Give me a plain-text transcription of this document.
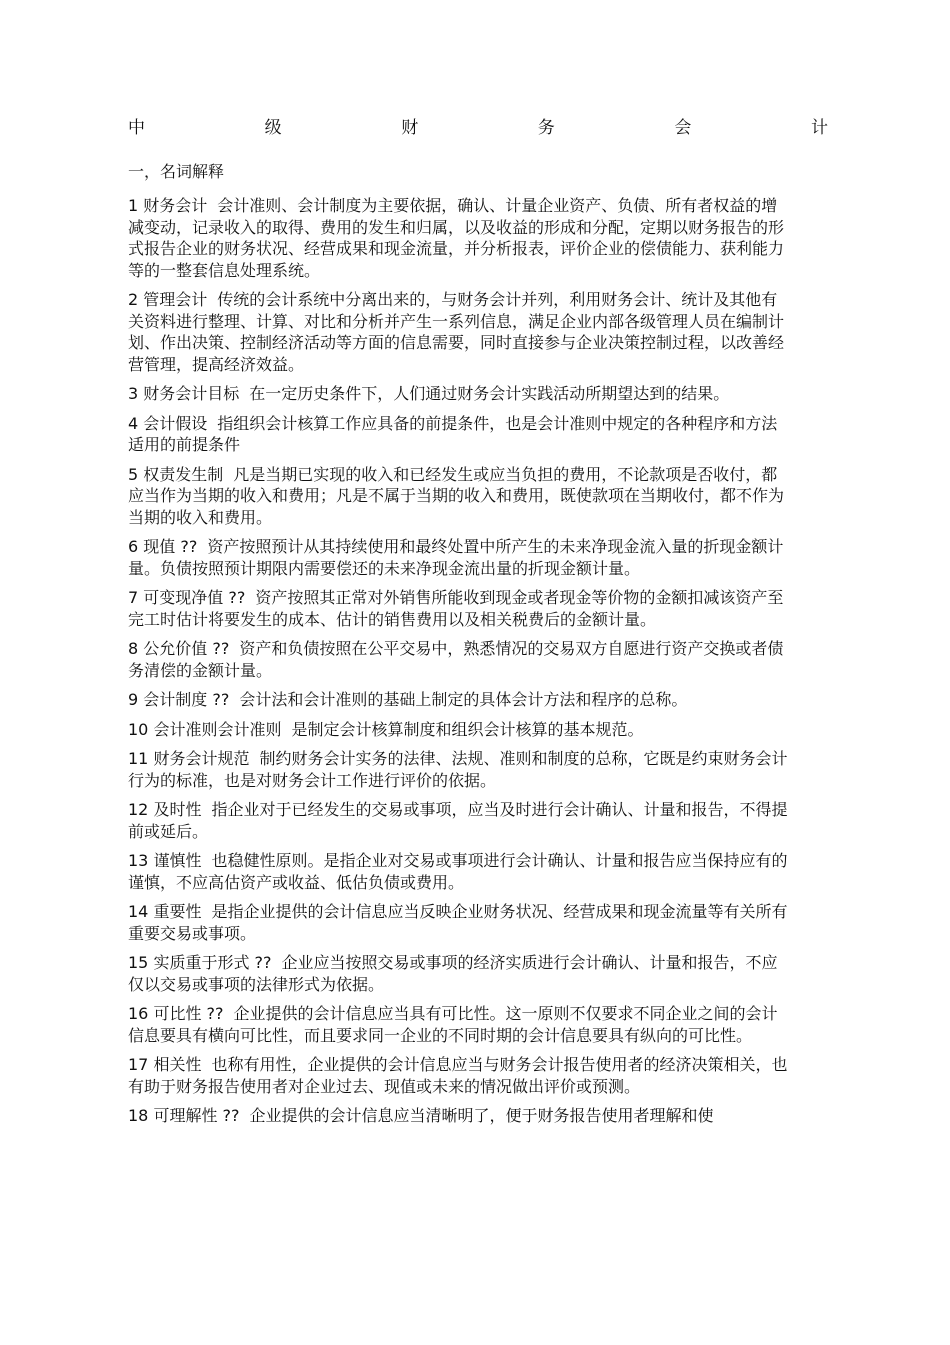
中	级	财	务	会	计
一，名词解释

1 财务会计 会计准则、会计制度为主要依据，确认、计量企业资产、负债、所有者权益的增减变动，记录收入的取得、费用的发生和归属，以及收益的形成和分配，定期以财务报告的形式报告企业的财务状况、经营成果和现金流量，并分析报表，评价企业的偿债能力、获利能力等的一整套信息处理系统。

2 管理会计 传统的会计系统中分离出来的，与财务会计并列，利用财务会计、统计及其他有关资料进行整理、计算、对比和分析并产生一系列信息，满足企业内部各级管理人员在编制计划、作出决策、控制经济活动等方面的信息需要，同时直接参与企业决策控制过程，以改善经营管理，提高经济效益。

3 财务会计目标 在一定历史条件下，人们通过财务会计实践活动所期望达到的结果。

4 会计假设 指组织会计核算工作应具备的前提条件，也是会计准则中规定的各种程序和方法适用的前提条件

5 权责发生制 凡是当期已实现的收入和已经发生或应当负担的费用，不论款项是否收付，都应当作为当期的收入和费用；凡是不属于当期的收入和费用，既使款项在当期收付，都不作为当期的收入和费用。

6 现值 ?? 资产按照预计从其持续使用和最终处置中所产生的未来净现金流入量的折现金额计量。负债按照预计期限内需要偿还的未来净现金流出量的折现金额计量。

7 可变现净值 ?? 资产按照其正常对外销售所能收到现金或者现金等价物的金额扣减该资产至完工时估计将要发生的成本、估计的销售费用以及相关税费后的金额计量。

8 公允价值 ?? 资产和负债按照在公平交易中，熟悉情况的交易双方自愿进行资产交换或者债务清偿的金额计量。

9 会计制度 ?? 会计法和会计准则的基础上制定的具体会计方法和程序的总称。

10 会计准则会计准则 是制定会计核算制度和组织会计核算的基本规范。

11 财务会计规范 制约财务会计实务的法律、法规、准则和制度的总称，它既是约束财务会计行为的标准，也是对财务会计工作进行评价的依据。

12 及时性 指企业对于已经发生的交易或事项，应当及时进行会计确认、计量和报告，不得提前或延后。

13 谨慎性 也稳健性原则。是指企业对交易或事项进行会计确认、计量和报告应当保持应有的谨慎，不应高估资产或收益、低估负债或费用。

14 重要性 是指企业提供的会计信息应当反映企业财务状况、经营成果和现金流量等有关所有重要交易或事项。

15 实质重于形式 ?? 企业应当按照交易或事项的经济实质进行会计确认、计量和报告，不应仅以交易或事项的法律形式为依据。

16 可比性 ?? 企业提供的会计信息应当具有可比性。这一原则不仅要求不同企业之间的会计信息要具有横向可比性，而且要求同一企业的不同时期的会计信息要具有纵向的可比性。

17 相关性 也称有用性，企业提供的会计信息应当与财务会计报告使用者的经济决策相关，也有助于财务报告使用者对企业过去、现值或未来的情况做出评价或预测。

18 可理解性 ?? 企业提供的会计信息应当清晰明了，便于财务报告使用者理解和使
